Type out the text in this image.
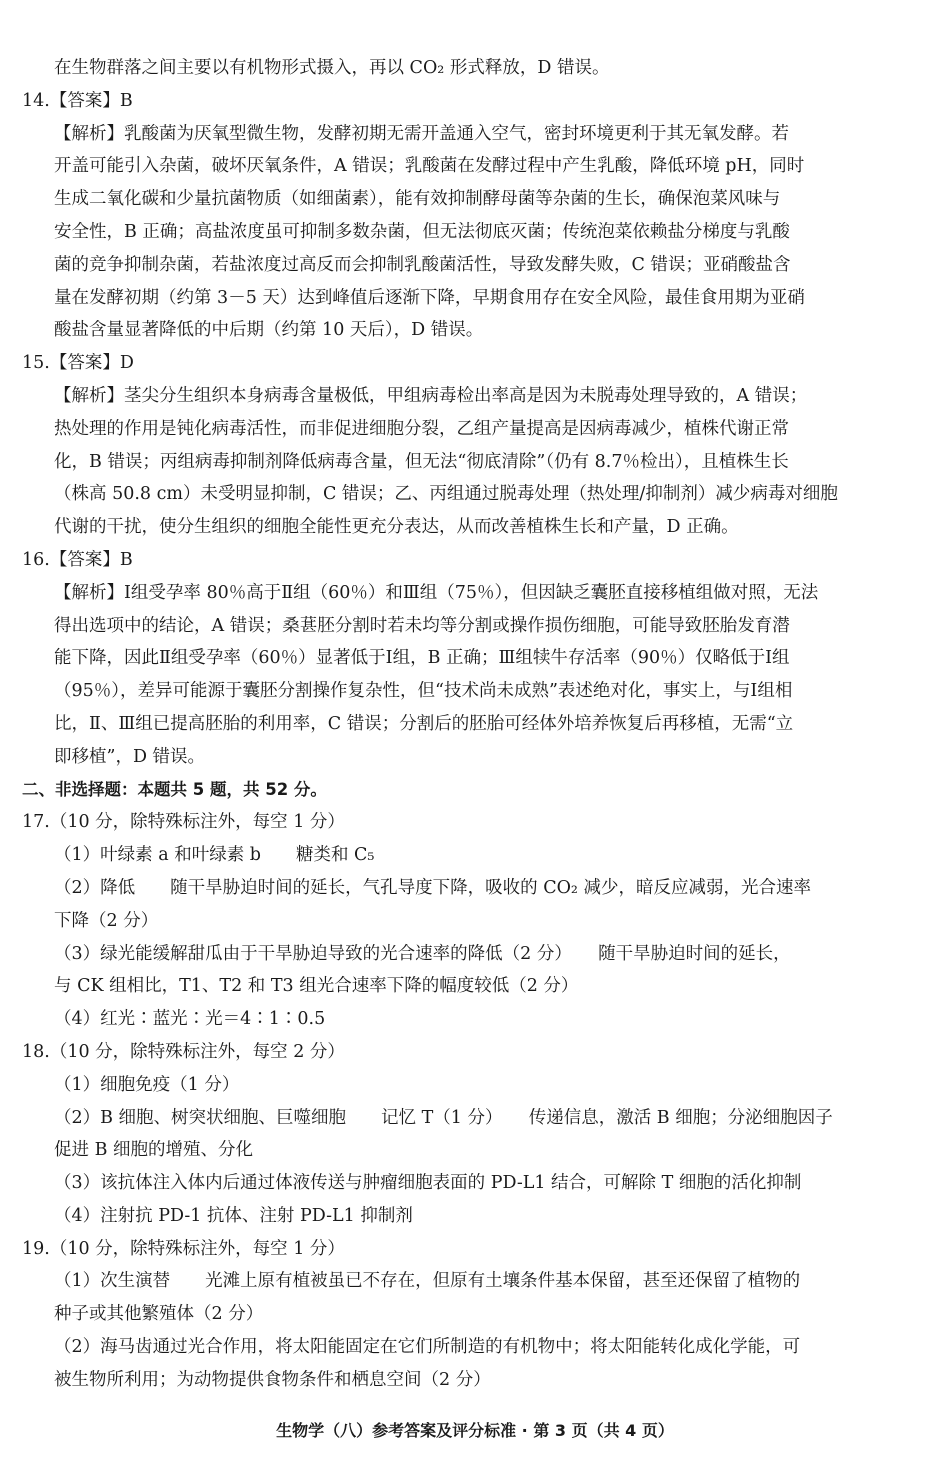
在生物群落之间主要以有机物形式摄入，再以 CO₂ 形式释放，D 错误。
14.【答案】B
【解析】乳酸菌为厌氧型微生物，发酵初期无需开盖通入空气，密封环境更利于其无氧发酵。若
开盖可能引入杂菌，破坏厌氧条件，A 错误；乳酸菌在发酵过程中产生乳酸，降低环境 pH，同时
生成二氧化碳和少量抗菌物质（如细菌素），能有效抑制酵母菌等杂菌的生长，确保泡菜风味与
安全性，B 正确；高盐浓度虽可抑制多数杂菌，但无法彻底灭菌；传统泡菜依赖盐分梯度与乳酸
菌的竞争抑制杂菌，若盐浓度过高反而会抑制乳酸菌活性，导致发酵失败，C 错误；亚硝酸盐含
量在发酵初期（约第 3－5 天）达到峰值后逐渐下降，早期食用存在安全风险，最佳食用期为亚硝
酸盐含量显著降低的中后期（约第 10 天后），D 错误。
15.【答案】D
【解析】茎尖分生组织本身病毒含量极低，甲组病毒检出率高是因为未脱毒处理导致的，A 错误；
热处理的作用是钝化病毒活性，而非促进细胞分裂，乙组产量提高是因病毒减少，植株代谢正常
化，B 错误；丙组病毒抑制剂降低病毒含量，但无法“彻底清除”（仍有 8.7％检出），且植株生长
（株高 50.8 cm）未受明显抑制，C 错误；乙、丙组通过脱毒处理（热处理/抑制剂）减少病毒对细胞
代谢的干扰，使分生组织的细胞全能性更充分表达，从而改善植株生长和产量，D 正确。
16.【答案】B
【解析】Ⅰ组受孕率 80％高于Ⅱ组（60％）和Ⅲ组（75％），但因缺乏囊胚直接移植组做对照，无法
得出选项中的结论，A 错误；桑葚胚分割时若未均等分割或操作损伤细胞，可能导致胚胎发育潜
能下降，因此Ⅱ组受孕率（60％）显著低于Ⅰ组，B 正确；Ⅲ组犊牛存活率（90％）仅略低于Ⅰ组
（95％），差异可能源于囊胚分割操作复杂性，但“技术尚未成熟”表述绝对化，事实上，与Ⅰ组相
比，Ⅱ、Ⅲ组已提高胚胎的利用率，C 错误；分割后的胚胎可经体外培养恢复后再移植，无需“立
即移植”，D 错误。
二、非选择题：本题共 5 题，共 52 分。
17.（10 分，除特殊标注外，每空 1 分）
（1）叶绿素 a 和叶绿素 b　　糖类和 C₅
（2）降低　　随干旱胁迫时间的延长，气孔导度下降，吸收的 CO₂ 减少，暗反应减弱，光合速率
下降（2 分）
（3）绿光能缓解甜瓜由于干旱胁迫导致的光合速率的降低（2 分）　　随干旱胁迫时间的延长，
与 CK 组相比，T1、T2 和 T3 组光合速率下降的幅度较低（2 分）
（4）红光∶蓝光∶光＝4∶1∶0.5
18.（10 分，除特殊标注外，每空 2 分）
（1）细胞免疫（1 分）
（2）B 细胞、树突状细胞、巨噬细胞　　记忆 T（1 分）　　传递信息，激活 B 细胞；分泌细胞因子
促进 B 细胞的增殖、分化
（3）该抗体注入体内后通过体液传送与肿瘤细胞表面的 PD-L1 结合，可解除 T 细胞的活化抑制
（4）注射抗 PD-1 抗体、注射 PD-L1 抑制剂
19.（10 分，除特殊标注外，每空 1 分）
（1）次生演替　　光滩上原有植被虽已不存在，但原有土壤条件基本保留，甚至还保留了植物的
种子或其他繁殖体（2 分）
（2）海马齿通过光合作用，将太阳能固定在它们所制造的有机物中；将太阳能转化成化学能，可
被生物所利用；为动物提供食物条件和栖息空间（2 分）
生物学（八）参考答案及评分标准 · 第 3 页（共 4 页）
